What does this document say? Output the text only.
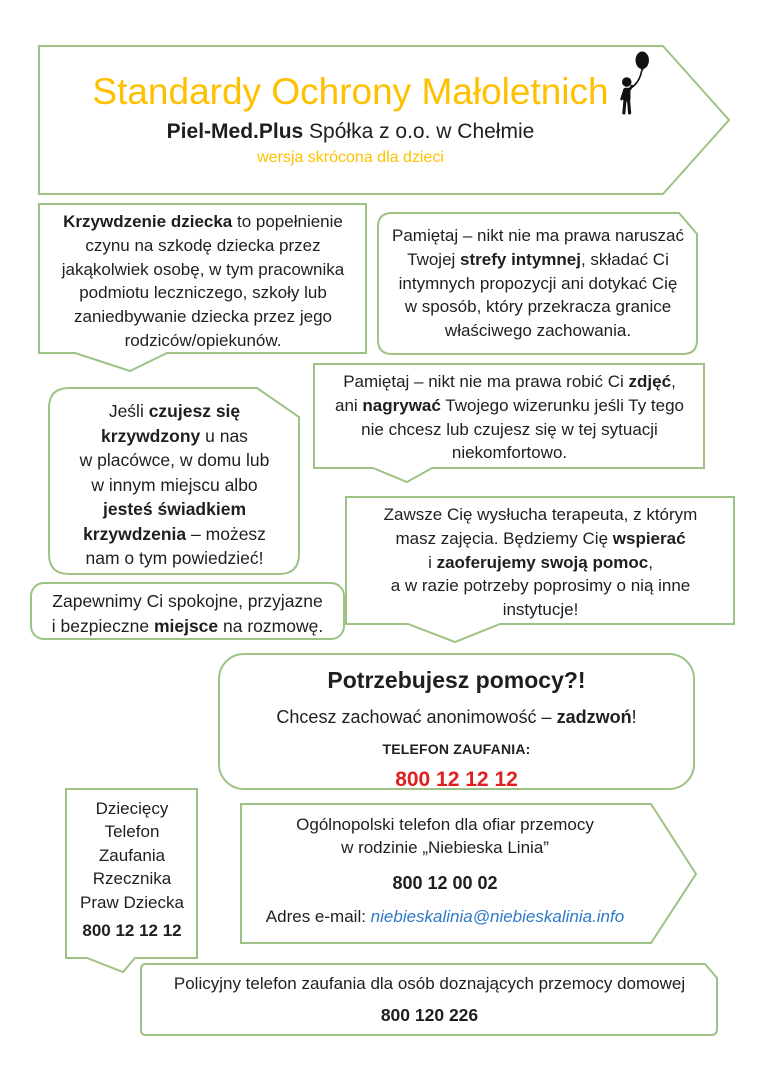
Standardy Ochrony Małoletnich
Piel-Med.Plus Spółka z o.o. w Chełmie
wersja skrócona dla dzieci
Krzywdzenie dziecka to popełnienie
czynu na szkodę dziecka przez
jakąkolwiek osobę, w tym pracownika
podmiotu leczniczego, szkoły lub
zaniedbywanie dziecka przez jego
rodziców/opiekunów.
Pamiętaj – nikt nie ma prawa naruszać
Twojej strefy intymnej, składać Ci
intymnych propozycji ani dotykać Cię
w sposób, który przekracza granice
właściwego zachowania.
Pamiętaj – nikt nie ma prawa robić Ci zdjęć,
ani nagrywać Twojego wizerunku jeśli Ty tego
nie chcesz lub czujesz się w tej sytuacji
niekomfortowo.
Jeśli czujesz się
krzywdzony u nas
w placówce, w domu lub
w innym miejscu albo
jesteś świadkiem
krzywdzenia – możesz
nam o tym powiedzieć!
Zawsze Cię wysłucha terapeuta, z którym
masz zajęcia. Będziemy Cię wspierać
i zaoferujemy swoją pomoc,
a w razie potrzeby poprosimy o nią inne
instytucje!
Zapewnimy Ci spokojne, przyjazne
i bezpieczne miejsce na rozmowę.
Potrzebujesz pomocy?!
Chcesz zachować anonimowość – zadzwoń!
TELEFON ZAUFANIA:
800 12 12 12
Dziecięcy
Telefon
Zaufania
Rzecznika
Praw Dziecka
800 12 12 12
Ogólnopolski telefon dla ofiar przemocy
w rodzinie „Niebieska Linia”
800 12 00 02
Adres e-mail: niebieskalinia@niebieskalinia.info
Policyjny telefon zaufania dla osób doznających przemocy domowej
800 120 226
